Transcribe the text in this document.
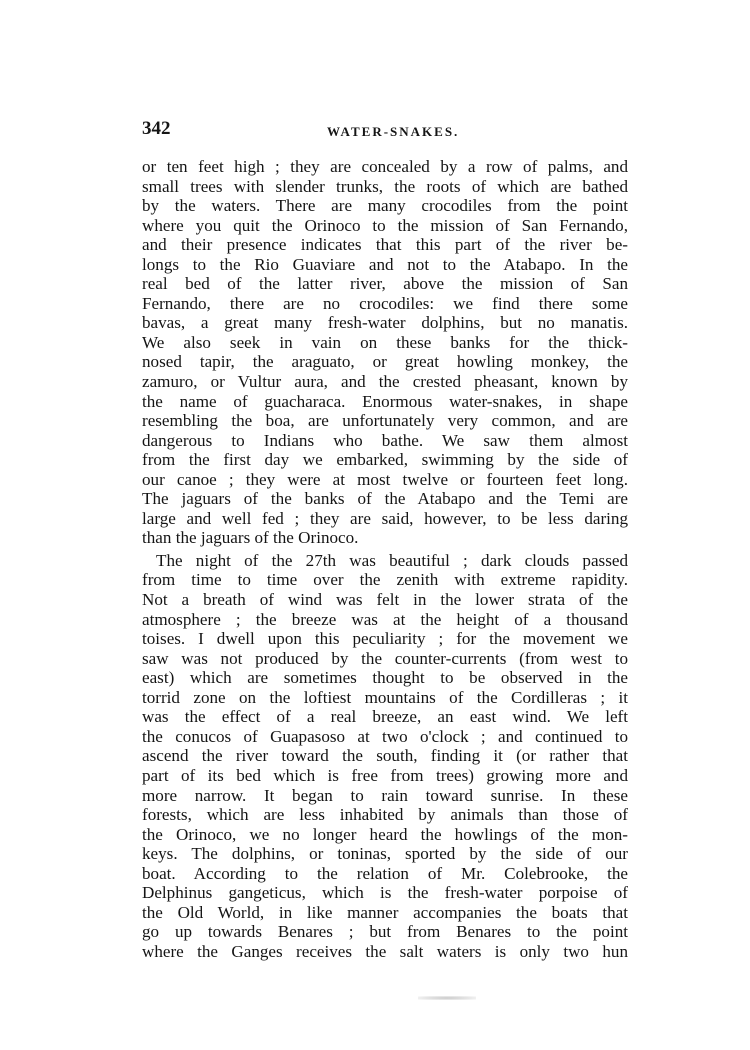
342	WATER-SNAKES.
or ten feet high ; they are concealed by a row of palms, and
small trees with slender trunks, the roots of which are bathed
by the waters. There are many crocodiles from the point
where you quit the Orinoco to the mission of San Fernando,
and their presence indicates that this part of the river be-
longs to the Rio Guaviare and not to the Atabapo. In the
real bed of the latter river, above the mission of San
Fernando, there are no crocodiles: we find there some
bavas, a great many fresh-water dolphins, but no manatis.
We also seek in vain on these banks for the thick-
nosed tapir, the araguato, or great howling monkey, the
zamuro, or Vultur aura, and the crested pheasant, known by
the name of guacharaca. Enormous water-snakes, in shape
resembling the boa, are unfortunately very common, and are
dangerous to Indians who bathe. We saw them almost
from the first day we embarked, swimming by the side of
our canoe ; they were at most twelve or fourteen feet long.
The jaguars of the banks of the Atabapo and the Temi are
large and well fed ; they are said, however, to be less daring
than the jaguars of the Orinoco.
The night of the 27th was beautiful ; dark clouds passed
from time to time over the zenith with extreme rapidity.
Not a breath of wind was felt in the lower strata of the
atmosphere ; the breeze was at the height of a thousand
toises. I dwell upon this peculiarity ; for the movement we
saw was not produced by the counter-currents (from west to
east) which are sometimes thought to be observed in the
torrid zone on the loftiest mountains of the Cordilleras ; it
was the effect of a real breeze, an east wind. We left
the conucos of Guapasoso at two o'clock ; and continued to
ascend the river toward the south, finding it (or rather that
part of its bed which is free from trees) growing more and
more narrow. It began to rain toward sunrise. In these
forests, which are less inhabited by animals than those of
the Orinoco, we no longer heard the howlings of the mon-
keys. The dolphins, or toninas, sported by the side of our
boat. According to the relation of Mr. Colebrooke, the
Delphinus gangeticus, which is the fresh-water porpoise of
the Old World, in like manner accompanies the boats that
go up towards Benares ; but from Benares to the point
where the Ganges receives the salt waters is only two hun
